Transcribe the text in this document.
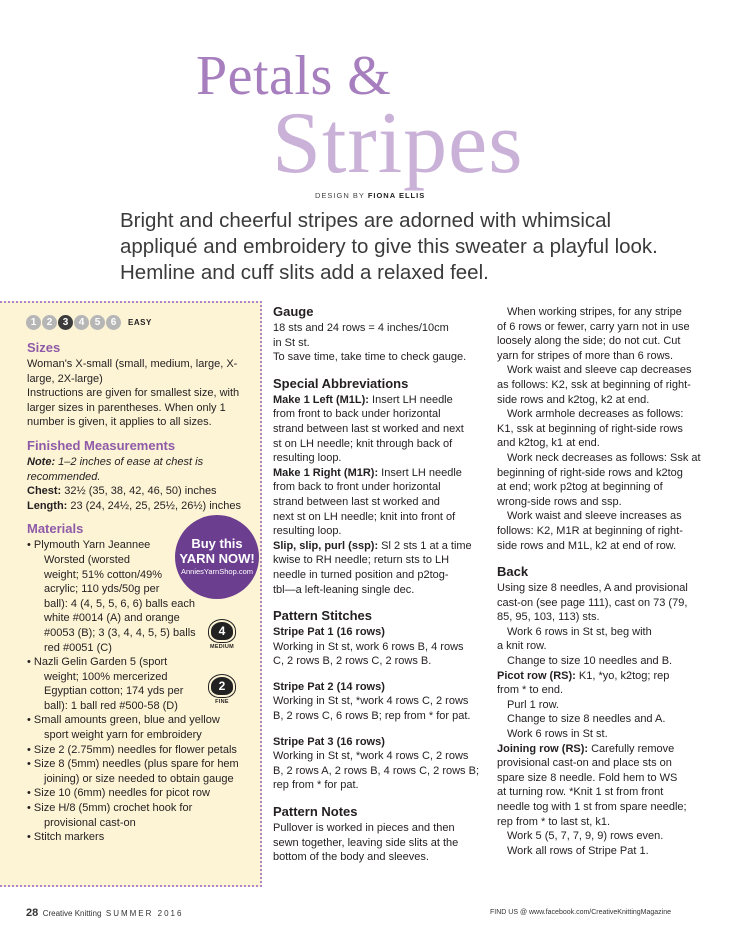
Petals &
Stripes
DESIGN BY FIONA ELLIS
Bright and cheerful stripes are adorned with whimsical appliqué and embroidery to give this sweater a playful look. Hemline and cuff slits add a relaxed feel.
1	2	3	4	5	6	EASY
Sizes

Woman's X-small (small, medium, large, X-large, 2X-large)

Instructions are given for smallest size, with larger sizes in parentheses. When only 1 number is given, it applies to all sizes.

Finished Measurements

Note: 1–2 inches of ease at chest is recommended.

Chest: 32½ (35, 38, 42, 46, 50) inches

Length: 23 (24, 24½, 25, 25½, 26½) inches

Materials

• Plymouth Yarn Jeannee

Worsted (worsted

weight; 51% cotton/49%

acrylic; 110 yds/50g per

ball): 4 (4, 5, 5, 6, 6) balls each

white #0014 (A) and orange

#0053 (B); 3 (3, 4, 4, 5, 5) balls

red #0051 (C)

• Nazli Gelin Garden 5 (sport

weight; 100% mercerized

Egyptian cotton; 174 yds per

ball): 1 ball red #500-58 (D)

• Small amounts green, blue and yellow

sport weight yarn for embroidery

• Size 2 (2.75mm) needles for flower petals

• Size 8 (5mm) needles (plus spare for hem

joining) or size needed to obtain gauge

• Size 10 (6mm) needles for picot row

• Size H/8 (5mm) crochet hook for

provisional cast-on

• Stitch markers

Buy this
YARN NOW!
AnniesYarnShop.com
4
MEDIUM
2
FINE
Gauge

18 sts and 24 rows = 4 inches/10cm

in St st.

To save time, take time to check gauge.

Special Abbreviations

Make 1 Left (M1L): Insert LH needle

from front to back under horizontal

strand between last st worked and next

st on LH needle; knit through back of

resulting loop.

Make 1 Right (M1R): Insert LH needle

from back to front under horizontal

strand between last st worked and

next st on LH needle; knit into front of

resulting loop.

Slip, slip, purl (ssp): Sl 2 sts 1 at a time

kwise to RH needle; return sts to LH

needle in turned position and p2tog-

tbl—a left-leaning single dec.

Pattern Stitches

Stripe Pat 1 (16 rows)

Working in St st, work 6 rows B, 4 rows

C, 2 rows B, 2 rows C, 2 rows B.

Stripe Pat 2 (14 rows)

Working in St st, *work 4 rows C, 2 rows

B, 2 rows C, 6 rows B; rep from * for pat.

Stripe Pat 3 (16 rows)

Working in St st, *work 4 rows C, 2 rows

B, 2 rows A, 2 rows B, 4 rows C, 2 rows B;

rep from * for pat.

Pattern Notes

Pullover is worked in pieces and then

sewn together, leaving side slits at the

bottom of the body and sleeves.

When working stripes, for any stripe

of 6 rows or fewer, carry yarn not in use

loosely along the side; do not cut. Cut

yarn for stripes of more than 6 rows.

Work waist and sleeve cap decreases

as follows: K2, ssk at beginning of right-

side rows and k2tog, k2 at end.

Work armhole decreases as follows:

K1, ssk at beginning of right-side rows

and k2tog, k1 at end.

Work neck decreases as follows: Ssk at

beginning of right-side rows and k2tog

at end; work p2tog at beginning of

wrong-side rows and ssp.

Work waist and sleeve increases as

follows: K2, M1R at beginning of right-

side rows and M1L, k2 at end of row.

Back

Using size 8 needles, A and provisional

cast-on (see page 111), cast on 73 (79,

85, 95, 103, 113) sts.

Work 6 rows in St st, beg with

a knit row.

Change to size 10 needles and B.

Picot row (RS): K1, *yo, k2tog; rep

from * to end.

Purl 1 row.

Change to size 8 needles and A.

Work 6 rows in St st.

Joining row (RS): Carefully remove

provisional cast-on and place sts on

spare size 8 needle. Fold hem to WS

at turning row. *Knit 1 st from front

needle tog with 1 st from spare needle;

rep from * to last st, k1.

Work 5 (5, 7, 7, 9, 9) rows even.

Work all rows of Stripe Pat 1.

28 Creative Knitting SUMMER 2016	FIND US @ www.facebook.com/CreativeKnittingMagazine
